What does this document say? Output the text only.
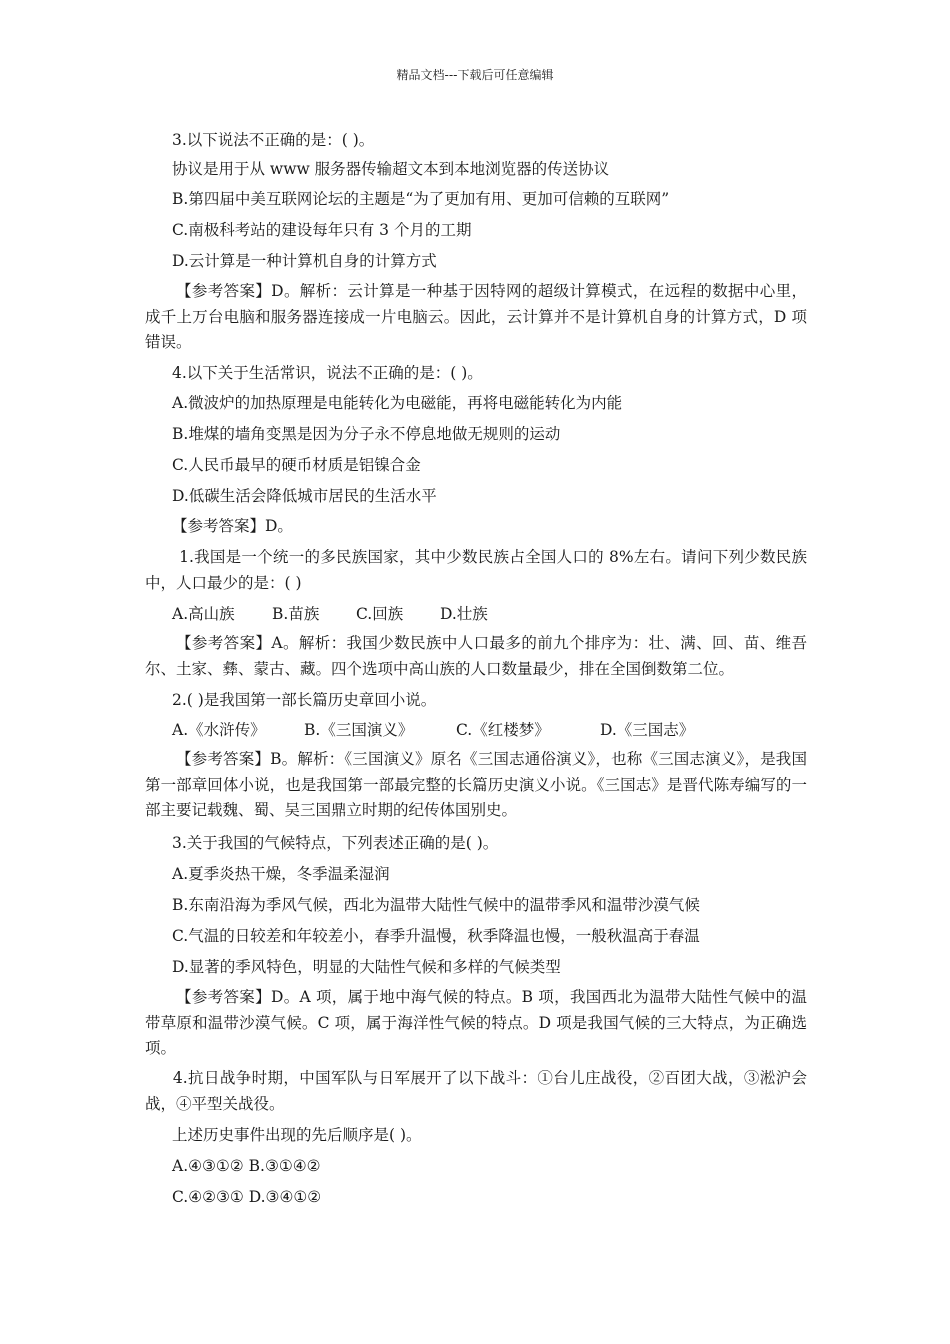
精品文档---下载后可任意编辑
3.以下说法不正确的是：( )。
协议是用于从 www 服务器传输超文本到本地浏览器的传送协议
B.第四届中美互联网论坛的主题是“为了更加有用、更加可信赖的互联网”
C.南极科考站的建设每年只有 3 个月的工期
D.云计算是一种计算机自身的计算方式
【参考答案】D。解析：云计算是一种基于因特网的超级计算模式，在远程的数据中心里，成千上万台电脑和服务器连接成一片电脑云。因此，云计算并不是计算机自身的计算方式，D 项错误。
4.以下关于生活常识，说法不正确的是：( )。
A.微波炉的加热原理是电能转化为电磁能，再将电磁能转化为内能
B.堆煤的墙角变黑是因为分子永不停息地做无规则的运动
C.人民币最早的硬币材质是铝镍合金
D.低碳生活会降低城市居民的生活水平
【参考答案】D。
1.我国是一个统一的多民族国家，其中少数民族占全国人口的 8%左右。请问下列少数民族中，人口最少的是：( )
A.高山族	B.苗族	C.回族	D.壮族
【参考答案】A。解析：我国少数民族中人口最多的前九个排序为：壮、满、回、苗、维吾尔、土家、彝、蒙古、藏。四个选项中高山族的人口数量最少，排在全国倒数第二位。
2.( )是我国第一部长篇历史章回小说。
A.《水浒传》	B.《三国演义》	C.《红楼梦》	D.《三国志》
【参考答案】B。解析：《三国演义》原名《三国志通俗演义》，也称《三国志演义》，是我国第一部章回体小说，也是我国第一部最完整的长篇历史演义小说。《三国志》是晋代陈寿编写的一部主要记载魏、蜀、吴三国鼎立时期的纪传体国别史。
3.关于我国的气候特点，下列表述正确的是( )。
A.夏季炎热干燥，冬季温柔湿润
B.东南沿海为季风气候，西北为温带大陆性气候中的温带季风和温带沙漠气候
C.气温的日较差和年较差小，春季升温慢，秋季降温也慢，一般秋温高于春温
D.显著的季风特色，明显的大陆性气候和多样的气候类型
【参考答案】D。A 项，属于地中海气候的特点。B 项，我国西北为温带大陆性气候中的温带草原和温带沙漠气候。C 项，属于海洋性气候的特点。D 项是我国气候的三大特点，为正确选项。
4.抗日战争时期，中国军队与日军展开了以下战斗：①台儿庄战役，②百团大战，③淞沪会战，④平型关战役。
上述历史事件出现的先后顺序是( )。
A.④③①② B.③①④②
C.④②③① D.③④①②
